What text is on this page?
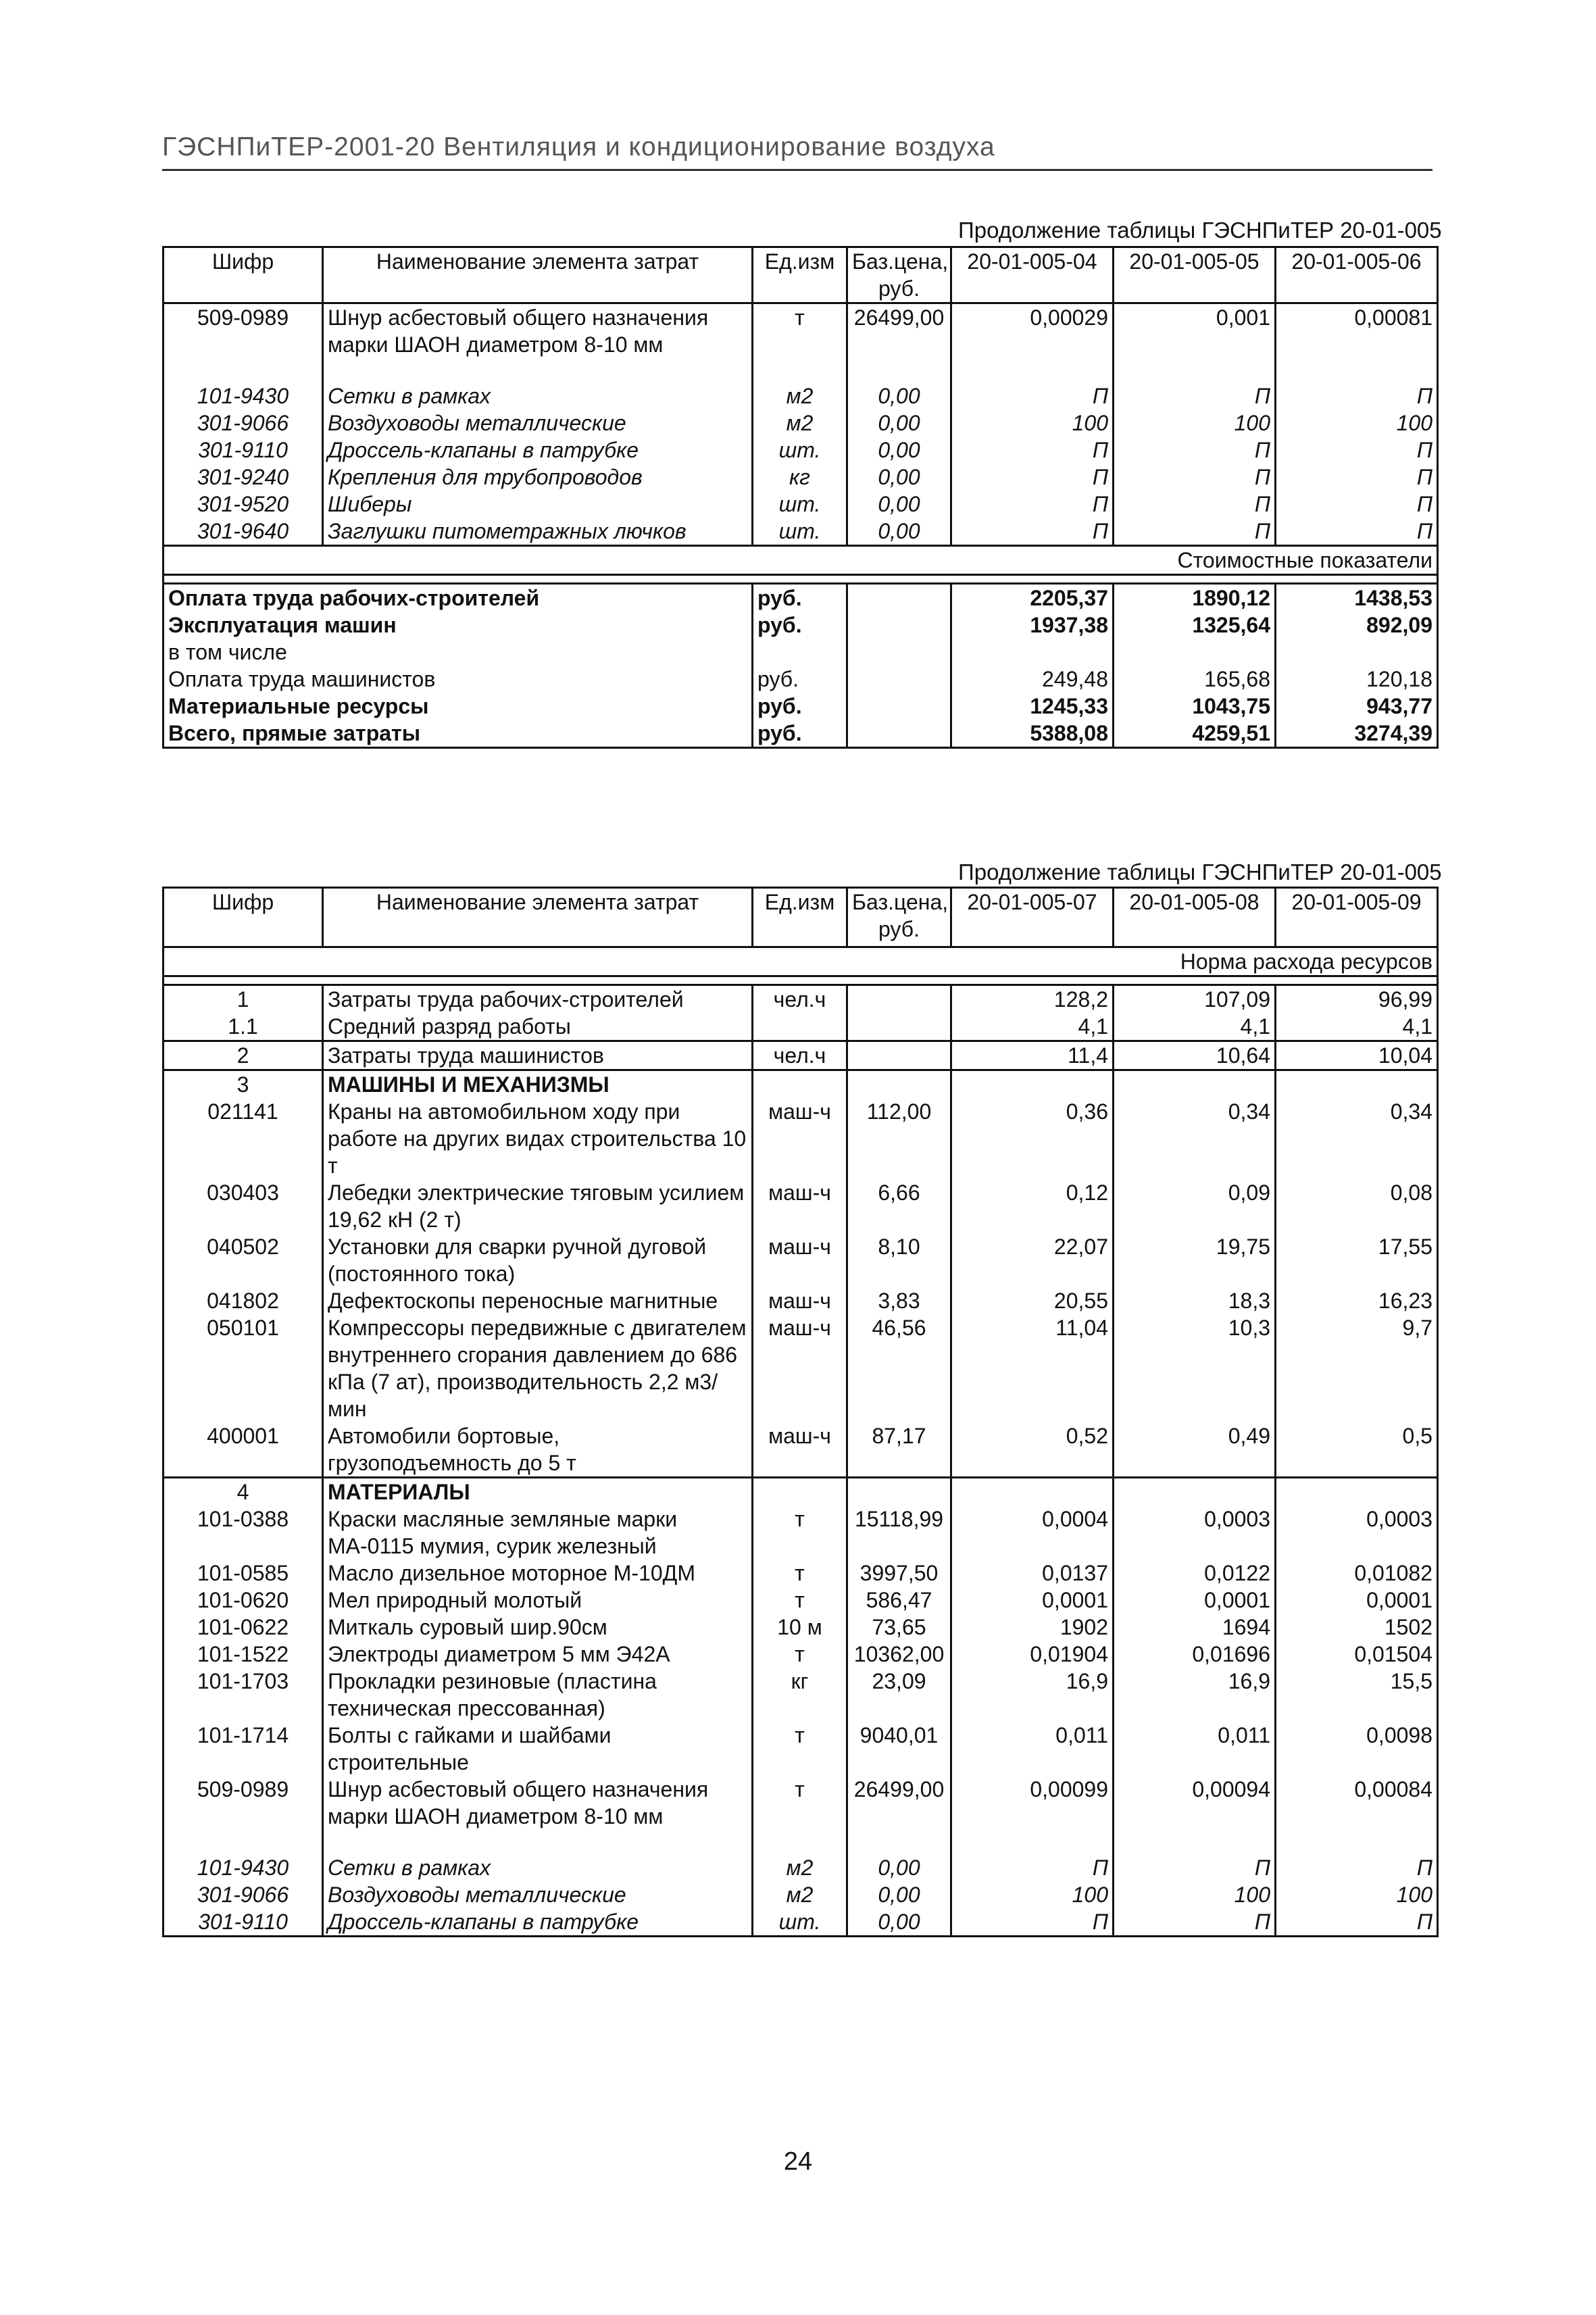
ГЭСНПиТЕР-2001-20 Вентиляция и кондиционирование воздуха
Продолжение таблицы ГЭСНПиТЕР 20-01-005
Шифр	Наименование элемента затрат	Ед.изм	Баз.цена, руб.	20-01-005-04	20-01-005-05	20-01-005-06
509-0989	Шнур асбестовый общего назначения марки ШАОН диаметром 8-10 мм	т	26499,00	0,00029	0,001	0,00081

101-9430	Сетки в рамках	м2	0,00	П	П	П
301-9066	Воздуховоды металлические	м2	0,00	100	100	100
301-9110	Дроссель-клапаны в патрубке	шт.	0,00	П	П	П
301-9240	Крепления для трубопроводов	кг	0,00	П	П	П
301-9520	Шиберы	шт.	0,00	П	П	П
301-9640	Заглушки питометражных лючков	шт.	0,00	П	П	П
Стоимостные показатели						

Оплата труда рабочих-строителей		руб.		2205,37	1890,12	1438,53
Эксплуатация машин		руб.		1937,38	1325,64	892,09
в том числе						
Оплата труда машинистов		руб.		249,48	165,68	120,18
Материальные ресурсы		руб.		1245,33	1043,75	943,77
Всего, прямые затраты		руб.		5388,08	4259,51	3274,39
Продолжение таблицы ГЭСНПиТЕР 20-01-005
Шифр	Наименование элемента затрат	Ед.изм	Баз.цена, руб.	20-01-005-07	20-01-005-08	20-01-005-09
Норма расхода ресурсов						

1	Затраты труда рабочих-строителей	чел.ч		128,2	107,09	96,99
1.1	Средний разряд работы			4,1	4,1	4,1
2	Затраты труда машинистов	чел.ч		11,4	10,64	10,04
3	МАШИНЫ И МЕХАНИЗМЫ					
021141	Краны на автомобильном ходу при работе на других видах строительства 10 т	маш-ч	112,00	0,36	0,34	0,34
030403	Лебедки электрические тяговым усилием 19,62 кН (2 т)	маш-ч	6,66	0,12	0,09	0,08
040502	Установки для сварки ручной дуговой (постоянного тока)	маш-ч	8,10	22,07	19,75	17,55
041802	Дефектоскопы переносные магнитные	маш-ч	3,83	20,55	18,3	16,23
050101	Компрессоры передвижные с двигателем внутреннего сгорания давлением до 686 кПа (7 ат), производительность 2,2 м3/мин	маш-ч	46,56	11,04	10,3	9,7
400001	Автомобили бортовые, грузоподъемность до 5 т	маш-ч	87,17	0,52	0,49	0,5
4	МАТЕРИАЛЫ					
101-0388	Краски масляные земляные марки МА-0115 мумия, сурик железный	т	15118,99	0,0004	0,0003	0,0003
101-0585	Масло дизельное моторное М-10ДМ	т	3997,50	0,0137	0,0122	0,01082
101-0620	Мел природный молотый	т	586,47	0,0001	0,0001	0,0001
101-0622	Миткаль суровый шир.90см	10 м	73,65	1902	1694	1502
101-1522	Электроды диаметром 5 мм Э42А	т	10362,00	0,01904	0,01696	0,01504
101-1703	Прокладки резиновые (пластина техническая прессованная)	кг	23,09	16,9	16,9	15,5
101-1714	Болты с гайками и шайбами строительные	т	9040,01	0,011	0,011	0,0098
509-0989	Шнур асбестовый общего назначения марки ШАОН диаметром 8-10 мм	т	26499,00	0,00099	0,00094	0,00084

101-9430	Сетки в рамках	м2	0,00	П	П	П
301-9066	Воздуховоды металлические	м2	0,00	100	100	100
301-9110	Дроссель-клапаны в патрубке	шт.	0,00	П	П	П
24
